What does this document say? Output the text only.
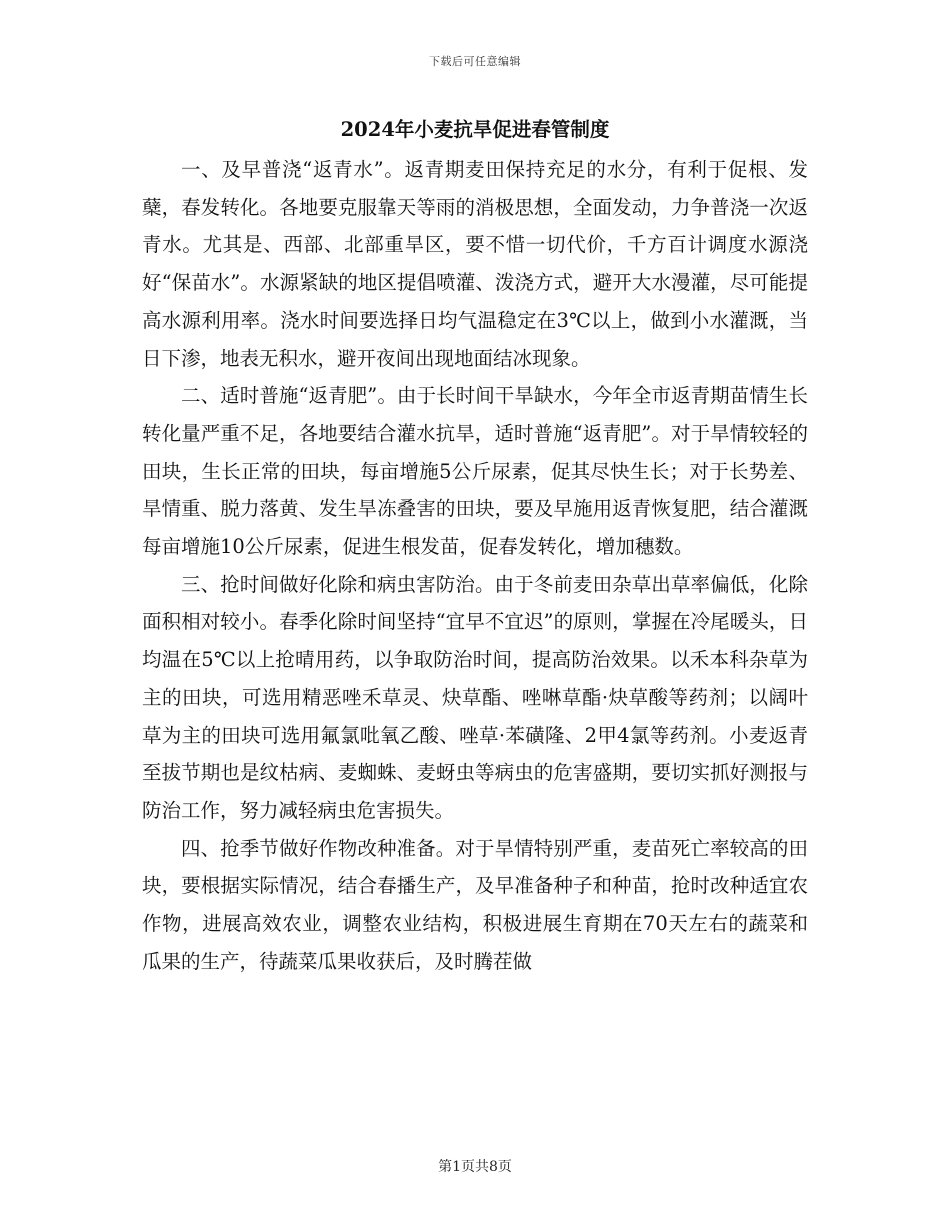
下载后可任意编辑
2024年小麦抗旱促进春管制度

一、及早普浇“返青水”。返青期麦田保持充足的水分，有利于促根、发蘖，春发转化。各地要克服靠天等雨的消极思想，全面发动，力争普浇一次返青水。尤其是、西部、北部重旱区，要不惜一切代价，千方百计调度水源浇好“保苗水”。水源紧缺的地区提倡喷灌、泼浇方式，避开大水漫灌，尽可能提高水源利用率。浇水时间要选择日均气温稳定在3℃以上，做到小水灌溉，当日下渗，地表无积水，避开夜间出现地面结冰现象。

二、适时普施“返青肥”。由于长时间干旱缺水，今年全市返青期苗情生长转化量严重不足，各地要结合灌水抗旱，适时普施“返青肥”。对于旱情较轻的田块，生长正常的田块，每亩增施5公斤尿素，促其尽快生长；对于长势差、旱情重、脱力落黄、发生旱冻叠害的田块，要及早施用返青恢复肥，结合灌溉每亩增施10公斤尿素，促进生根发苗，促春发转化，增加穗数。

三、抢时间做好化除和病虫害防治。由于冬前麦田杂草出草率偏低，化除面积相对较小。春季化除时间坚持“宜早不宜迟”的原则，掌握在冷尾暖头，日均温在5℃以上抢晴用药，以争取防治时间，提高防治效果。以禾本科杂草为主的田块，可选用精恶唑禾草灵、炔草酯、唑啉草酯·炔草酸等药剂；以阔叶草为主的田块可选用氟氯吡氧乙酸、唑草·苯磺隆、2甲4氯等药剂。小麦返青至拔节期也是纹枯病、麦蜘蛛、麦蚜虫等病虫的危害盛期，要切实抓好测报与防治工作，努力减轻病虫危害损失。

四、抢季节做好作物改种准备。对于旱情特别严重，麦苗死亡率较高的田块，要根据实际情况，结合春播生产，及早准备种子和种苗，抢时改种适宜农作物，进展高效农业，调整农业结构，积极进展生育期在70天左右的蔬菜和瓜果的生产，待蔬菜瓜果收获后，及时腾茬做

第1页共8页
